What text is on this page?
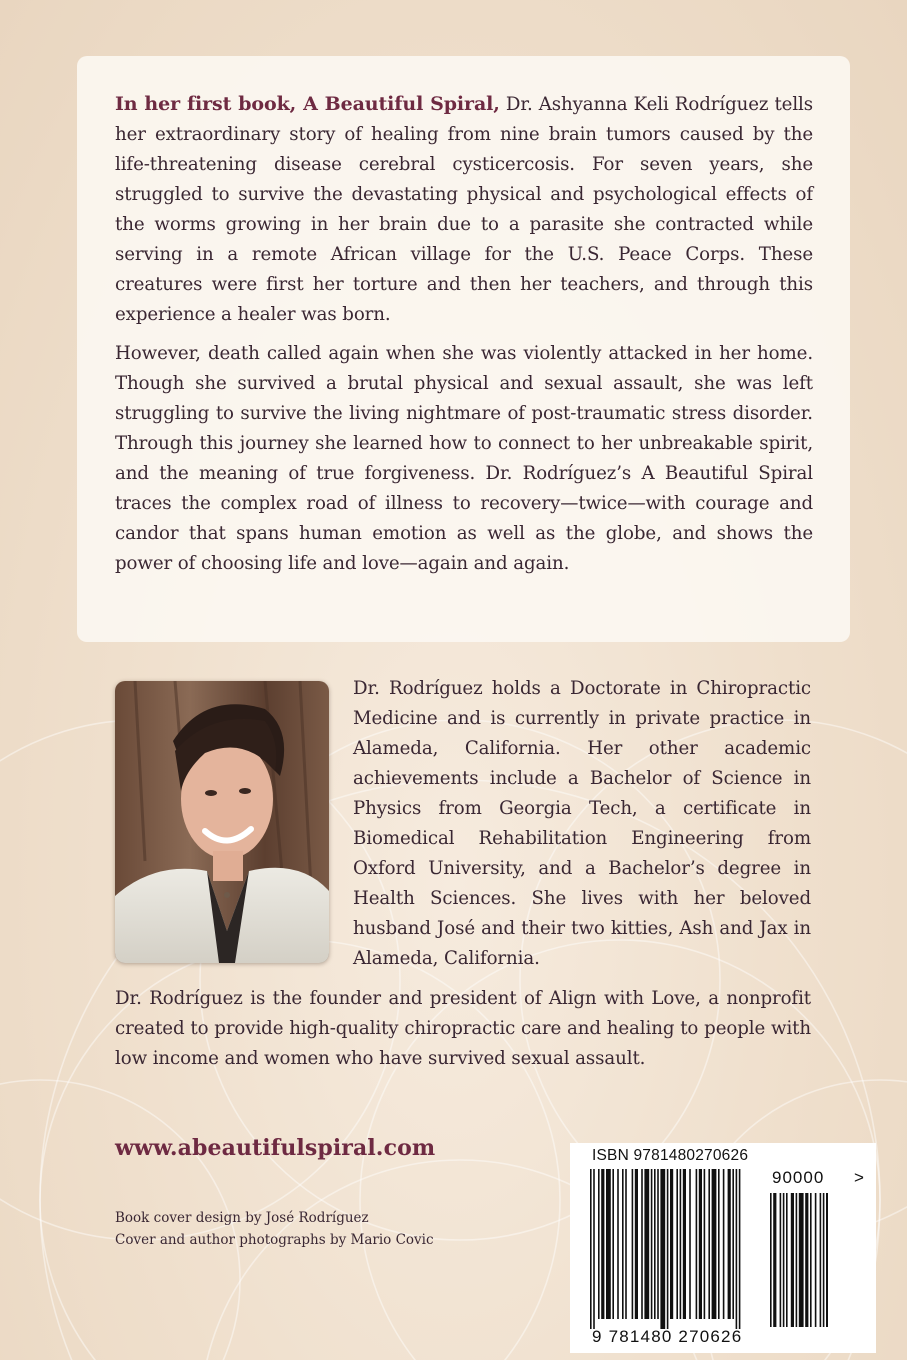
In her first book, A Beautiful Spiral, Dr. Ashyanna Keli Rodríguez tells her extraordinary story of healing from nine brain tumors caused by the life-threatening disease cerebral cysticercosis. For seven years, she struggled to survive the devastating physical and psychological effects of the worms growing in her brain due to a parasite she contracted while serving in a remote African village for the U.S. Peace Corps. These creatures were first her torture and then her teachers, and through this experience a healer was born.

However, death called again when she was violently attacked in her home. Though she survived a brutal physical and sexual assault, she was left struggling to survive the living nightmare of post-traumatic stress disorder. Through this journey she learned how to connect to her unbreakable spirit, and the meaning of true forgiveness. Dr. Rodríguez’s A Beautiful Spiral traces the complex road of illness to recovery—twice—with courage and candor that spans human emotion as well as the globe, and shows the power of choosing life and love—again and again.

Dr. Rodríguez holds a Doctorate in Chiropractic Medicine and is currently in private practice in Alameda, California. Her other academic achievements include a Bachelor of Science in Physics from Georgia Tech, a certificate in Biomedical Rehabilitation Engineering from Oxford University, and a Bachelor’s degree in Health Sciences. She lives with her beloved husband José and their two kitties, Ash and Jax in Alameda, California.

Dr. Rodríguez is the founder and president of Align with Love, a nonprofit created to provide high-quality chiropractic care and healing to people with low income and women who have survived sexual assault.

www.abeautifulspiral.com
Book cover design by José Rodríguez
Cover and author photographs by Mario Covic
ISBN 9781480270626
90000 >
9 781480 270626
